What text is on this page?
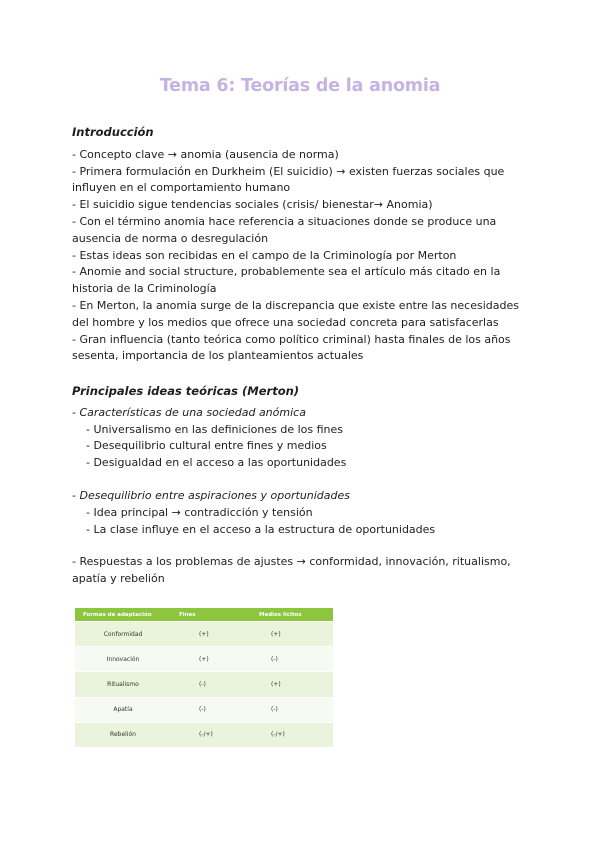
Tema 6: Teorías de la anomia
Introducción
- Concepto clave → anomia (ausencia de norma)
- Primera formulación en Durkheim (El suicidio) → existen fuerzas sociales que
influyen en el comportamiento humano
- El suicidio sigue tendencias sociales (crisis/ bienestar→ Anomia)
- Con el término anomia hace referencia a situaciones donde se produce una
ausencia de norma o desregulación
- Estas ideas son recibidas en el campo de la Criminología por Merton
- Anomie and social structure, probablemente sea el artículo más citado en la
historia de la Criminología
- En Merton, la anomia surge de la discrepancia que existe entre las necesidades
del hombre y los medios que ofrece una sociedad concreta para satisfacerlas
- Gran influencia (tanto teórica como político criminal) hasta finales de los años
sesenta, importancia de los planteamientos actuales
Principales ideas teóricas (Merton)
- Características de una sociedad anómica
- Universalismo en las definiciones de los fines
- Desequilibrio cultural entre fines y medios
- Desigualdad en el acceso a las oportunidades
- Desequilibrio entre aspiraciones y oportunidades
- Idea principal → contradicción y tensión
- La clase influye en el acceso a la estructura de oportunidades
- Respuestas a los problemas de ajustes → conformidad, innovación, ritualismo,
apatía y rebelión
Formas de adaptación	Fines	Medios lícitos
Conformidad	(+)	(+)
Innovación	(+)	(-)
Ritualismo	(-)	(+)
Apatía	(-)	(-)
Rebelión	(-/+)	(-/+)
